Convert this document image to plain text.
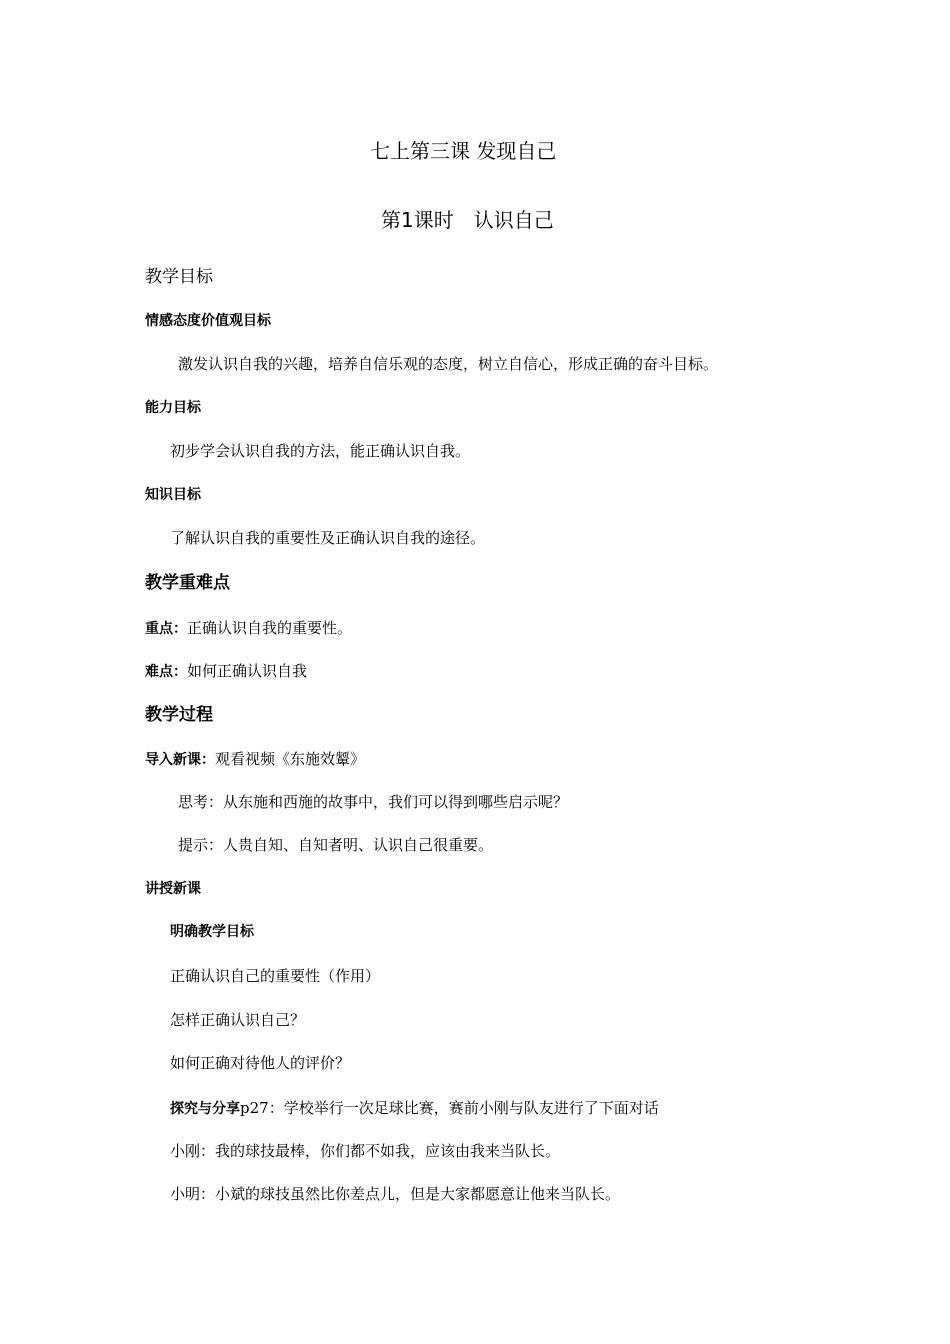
七上第三课 发现自己
第1课时　认识自己
教学目标
情感态度价值观目标
激发认识自我的兴趣，培养自信乐观的态度，树立自信心，形成正确的奋斗目标。
能力目标
初步学会认识自我的方法，能正确认识自我。
知识目标
了解认识自我的重要性及正确认识自我的途径。
教学重难点
重点：正确认识自我的重要性。
难点：如何正确认识自我
教学过程
导入新课：观看视频《东施效颦》
思考：从东施和西施的故事中，我们可以得到哪些启示呢？
提示：人贵自知、自知者明、认识自己很重要。
讲授新课
明确教学目标
正确认识自己的重要性（作用）
怎样正确认识自己？
如何正确对待他人的评价？
探究与分享p27：学校举行一次足球比赛，赛前小刚与队友进行了下面对话
小刚：我的球技最棒，你们都不如我，应该由我来当队长。
小明：小斌的球技虽然比你差点儿，但是大家都愿意让他来当队长。
